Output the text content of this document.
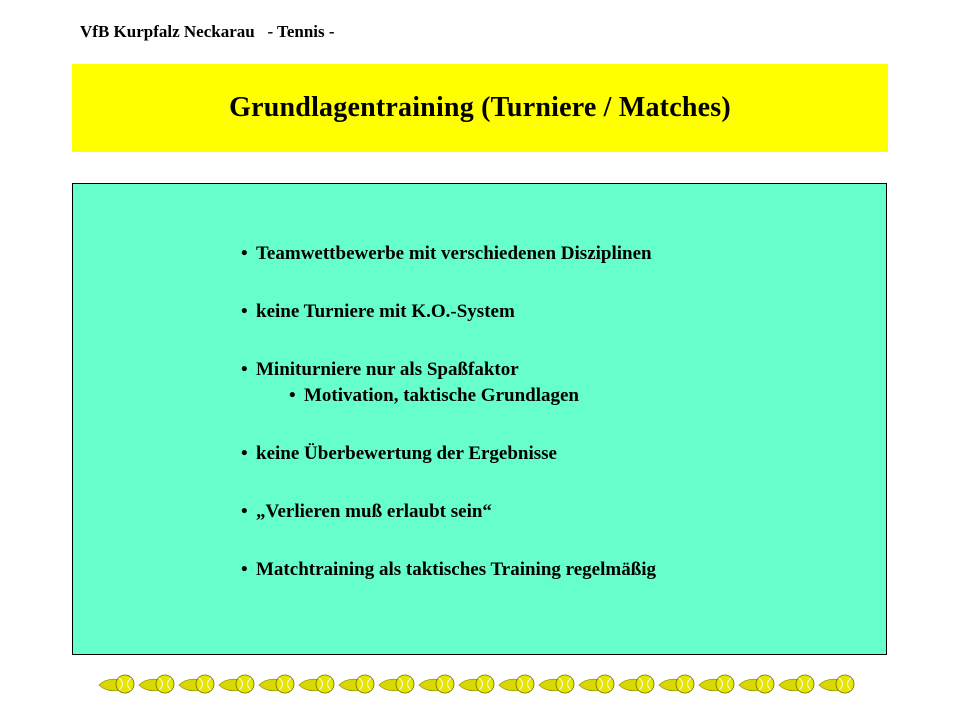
VfB Kurpfalz Neckarau   - Tennis -
Grundlagentraining (Turniere / Matches)
• Teamwettbewerbe mit verschiedenen Disziplinen
• keine Turniere mit K.O.-System
• Miniturniere nur als Spaßfaktor
• Motivation, taktische Grundlagen
• keine Überbewertung der Ergebnisse
• „Verlieren muß erlaubt sein“
• Matchtraining als taktisches Training regelmäßig
